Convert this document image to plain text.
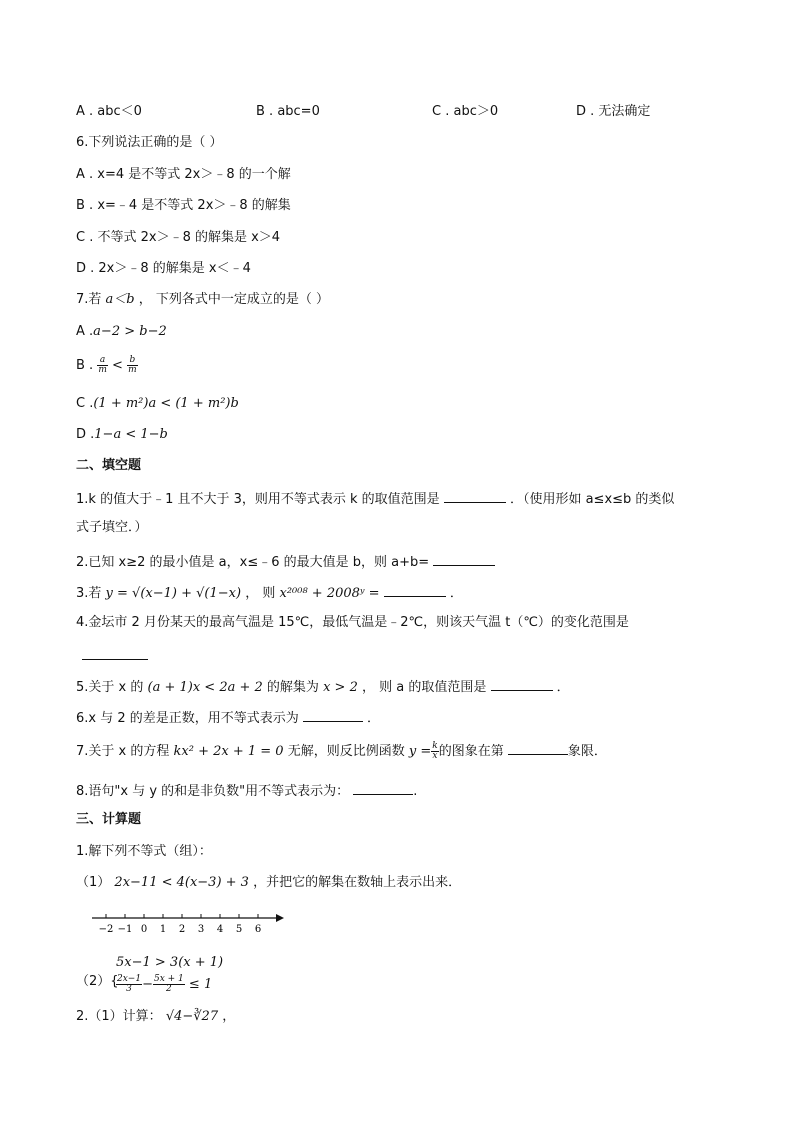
A . abc＜0	B . abc=0	C . abc＞0	D . 无法确定
6.下列说法正确的是（ ）
A . x=4 是不等式 2x＞﹣8 的一个解
B . x=﹣4 是不等式 2x＞﹣8 的解集
C . 不等式 2x＞﹣8 的解集是 x＞4
D . 2x＞﹣8 的解集是 x＜﹣4
7.若 a＜b ， 下列各式中一定成立的是（ ）
A .a−2 > b−2
B . $\frac{a}{m} < \frac{b}{m}$
C .(1 + m²)a < (1 + m²)b
D .1−a < 1−b
二、填空题
1.k 的值大于﹣1 且不大于 3，则用不等式表示 k 的取值范围是	．（使用形如 a≤x≤b 的类似
式子填空．）
2.已知 x≥2 的最小值是 a，x≤﹣6 的最大值是 b，则 a+b=
3.若 y = √(x−1) + √(1−x) ， 则 x²⁰⁰⁸ + 2008ʸ =	．
4.金坛市 2 月份某天的最高气温是 15℃，最低气温是﹣2℃，则该天气温 t（℃）的变化范围是
5.关于 x 的 (a + 1)x < 2a + 2 的解集为 x > 2 ， 则 a 的取值范围是	．
6.x 与 2 的差是正数，用不等式表示为	．
7.关于 x 的方程 kx² + 2x + 1 = 0 无解，则反比例函数 $y = \frac{k}{x}$ 的图象在第	象限．
8.语句"x 与 y 的和是非负数"用不等式表示为：	.
三、计算题
1.解下列不等式（组）：
（1） 2x−11 < 4(x−3) + 3 ，并把它的解集在数轴上表示出来．
−2 −1 0 1 2 3 4 5 6
（2）{
5x−1 > 3(x + 1)
$\frac{2x-1}{3} - \frac{5x + 1}{2} \le 1$
2.（1）计算： √4−∛27 ，
